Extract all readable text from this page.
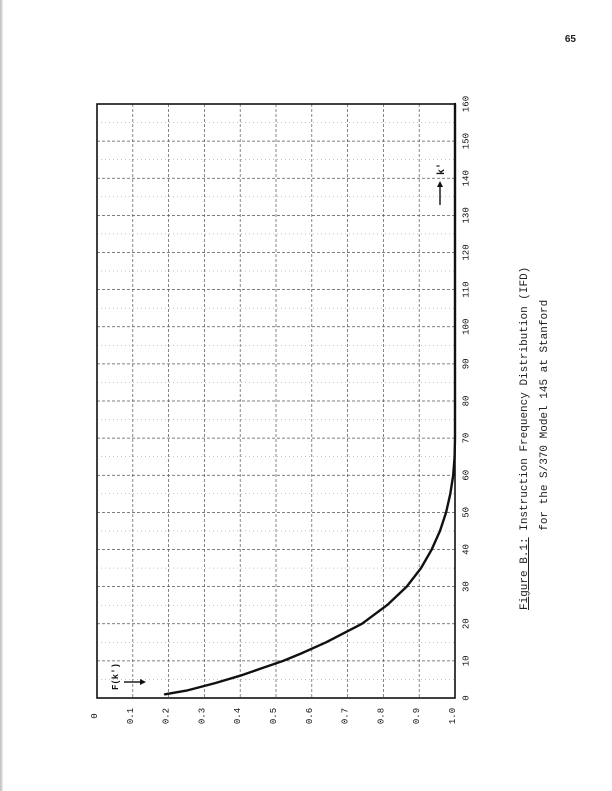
65
0	0.1	0.2	0.3	0.4	0.5	0.6	0.7	0.8	0.9	1.0
0
10
20
30
40
50
60
70
80
90
100
110
120
130
140
150
160
F(k')
k'
Figure B.1: Instruction Frequency Distribution (IFD) for the S/370 Model 145 at Stanford
